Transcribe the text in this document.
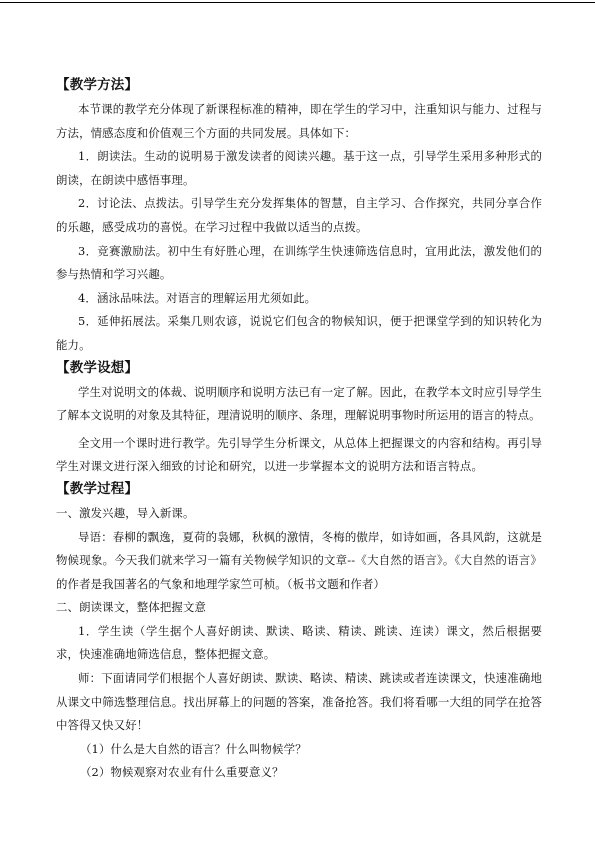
【教学方法】

本节课的教学充分体现了新课程标准的精神，即在学生的学习中，注重知识与能力、过程与方法，情感态度和价值观三个方面的共同发展。具体如下：

1．朗读法。生动的说明易于激发读者的阅读兴趣。基于这一点，引导学生采用多种形式的朗读，在朗读中感悟事理。

2．讨论法、点拨法。引导学生充分发挥集体的智慧，自主学习、合作探究，共同分享合作的乐趣，感受成功的喜悦。在学习过程中我做以适当的点拨。

3．竞赛激励法。初中生有好胜心理，在训练学生快速筛选信息时，宜用此法，激发他们的参与热情和学习兴趣。

4．涵泳品味法。对语言的理解运用尤须如此。

5．延伸拓展法。采集几则农谚，说说它们包含的物候知识，便于把课堂学到的知识转化为能力。

【教学设想】

学生对说明文的体裁、说明顺序和说明方法已有一定了解。因此，在教学本文时应引导学生了解本文说明的对象及其特征，理清说明的顺序、条理，理解说明事物时所运用的语言的特点。

全文用一个课时进行教学。先引导学生分析课文，从总体上把握课文的内容和结构。再引导学生对课文进行深入细致的讨论和研究，以进一步掌握本文的说明方法和语言特点。

【教学过程】

一、激发兴趣，导入新课。

导语：春柳的飘逸，夏荷的袅娜，秋枫的激情，冬梅的傲岸，如诗如画，各具风韵，这就是物候现象。今天我们就来学习一篇有关物候学知识的文章--《大自然的语言》。《大自然的语言》的作者是我国著名的气象和地理学家竺可桢。（板书文题和作者）

二、朗读课文，整体把握文意

1．学生读（学生据个人喜好朗读、默读、略读、精读、跳读、连读）课文，然后根据要求，快速准确地筛选信息，整体把握文意。

师：下面请同学们根据个人喜好朗读、默读、略读、精读、跳读或者连读课文，快速准确地从课文中筛选整理信息。找出屏幕上的问题的答案，准备抢答。我们将看哪一大组的同学在抢答中答得又快又好！

（1）什么是大自然的语言？什么叫物候学？

（2）物候观察对农业有什么重要意义？
